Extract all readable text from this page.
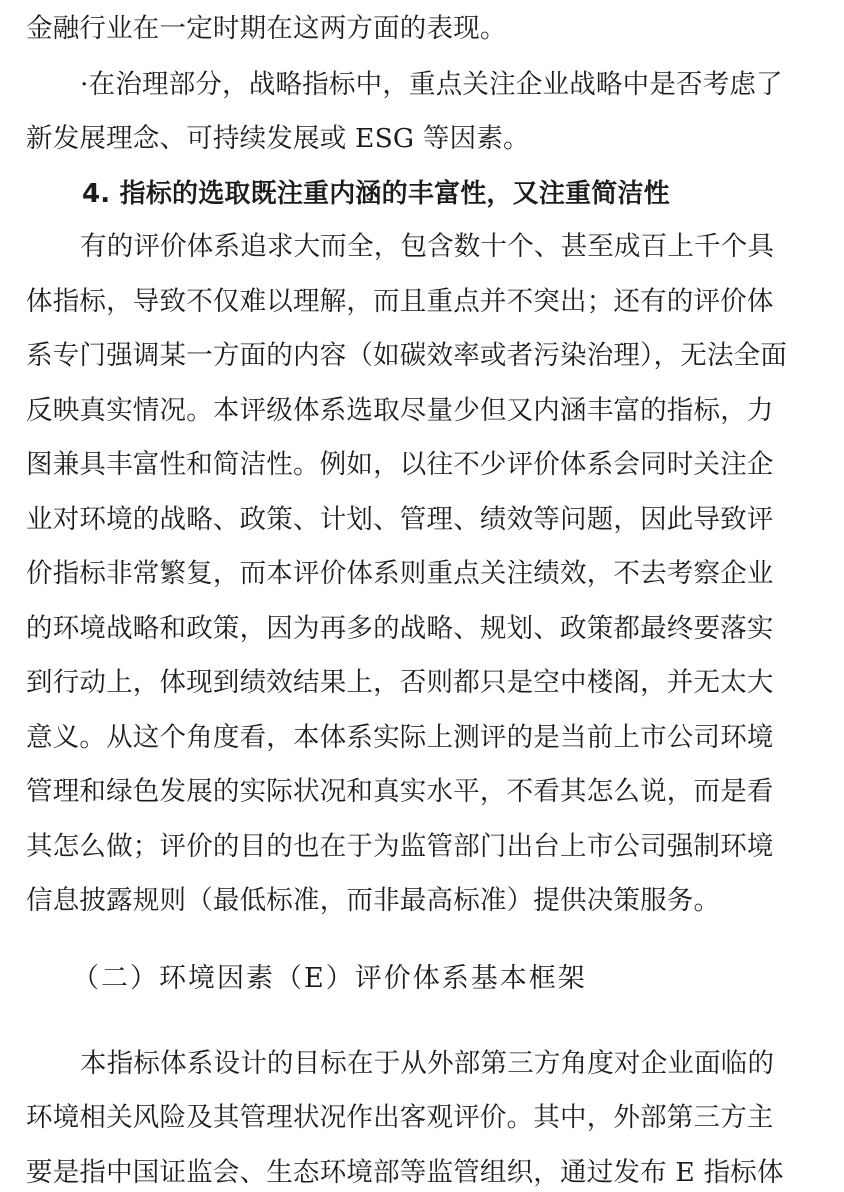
金融行业在一定时期在这两方面的表现。
·在治理部分，战略指标中，重点关注企业战略中是否考虑了
新发展理念、可持续发展或 ESG 等因素。
4. 指标的选取既注重内涵的丰富性，又注重简洁性
有的评价体系追求大而全，包含数十个、甚至成百上千个具
体指标，导致不仅难以理解，而且重点并不突出；还有的评价体
系专门强调某一方面的内容（如碳效率或者污染治理），无法全面
反映真实情况。本评级体系选取尽量少但又内涵丰富的指标，力
图兼具丰富性和简洁性。例如，以往不少评价体系会同时关注企
业对环境的战略、政策、计划、管理、绩效等问题，因此导致评
价指标非常繁复，而本评价体系则重点关注绩效，不去考察企业
的环境战略和政策，因为再多的战略、规划、政策都最终要落实
到行动上，体现到绩效结果上，否则都只是空中楼阁，并无太大
意义。从这个角度看，本体系实际上测评的是当前上市公司环境
管理和绿色发展的实际状况和真实水平，不看其怎么说，而是看
其怎么做；评价的目的也在于为监管部门出台上市公司强制环境
信息披露规则（最低标准，而非最高标准）提供决策服务。
（二）环境因素（E）评价体系基本框架
本指标体系设计的目标在于从外部第三方角度对企业面临的
环境相关风险及其管理状况作出客观评价。其中，外部第三方主
要是指中国证监会、生态环境部等监管组织，通过发布 E 指标体
